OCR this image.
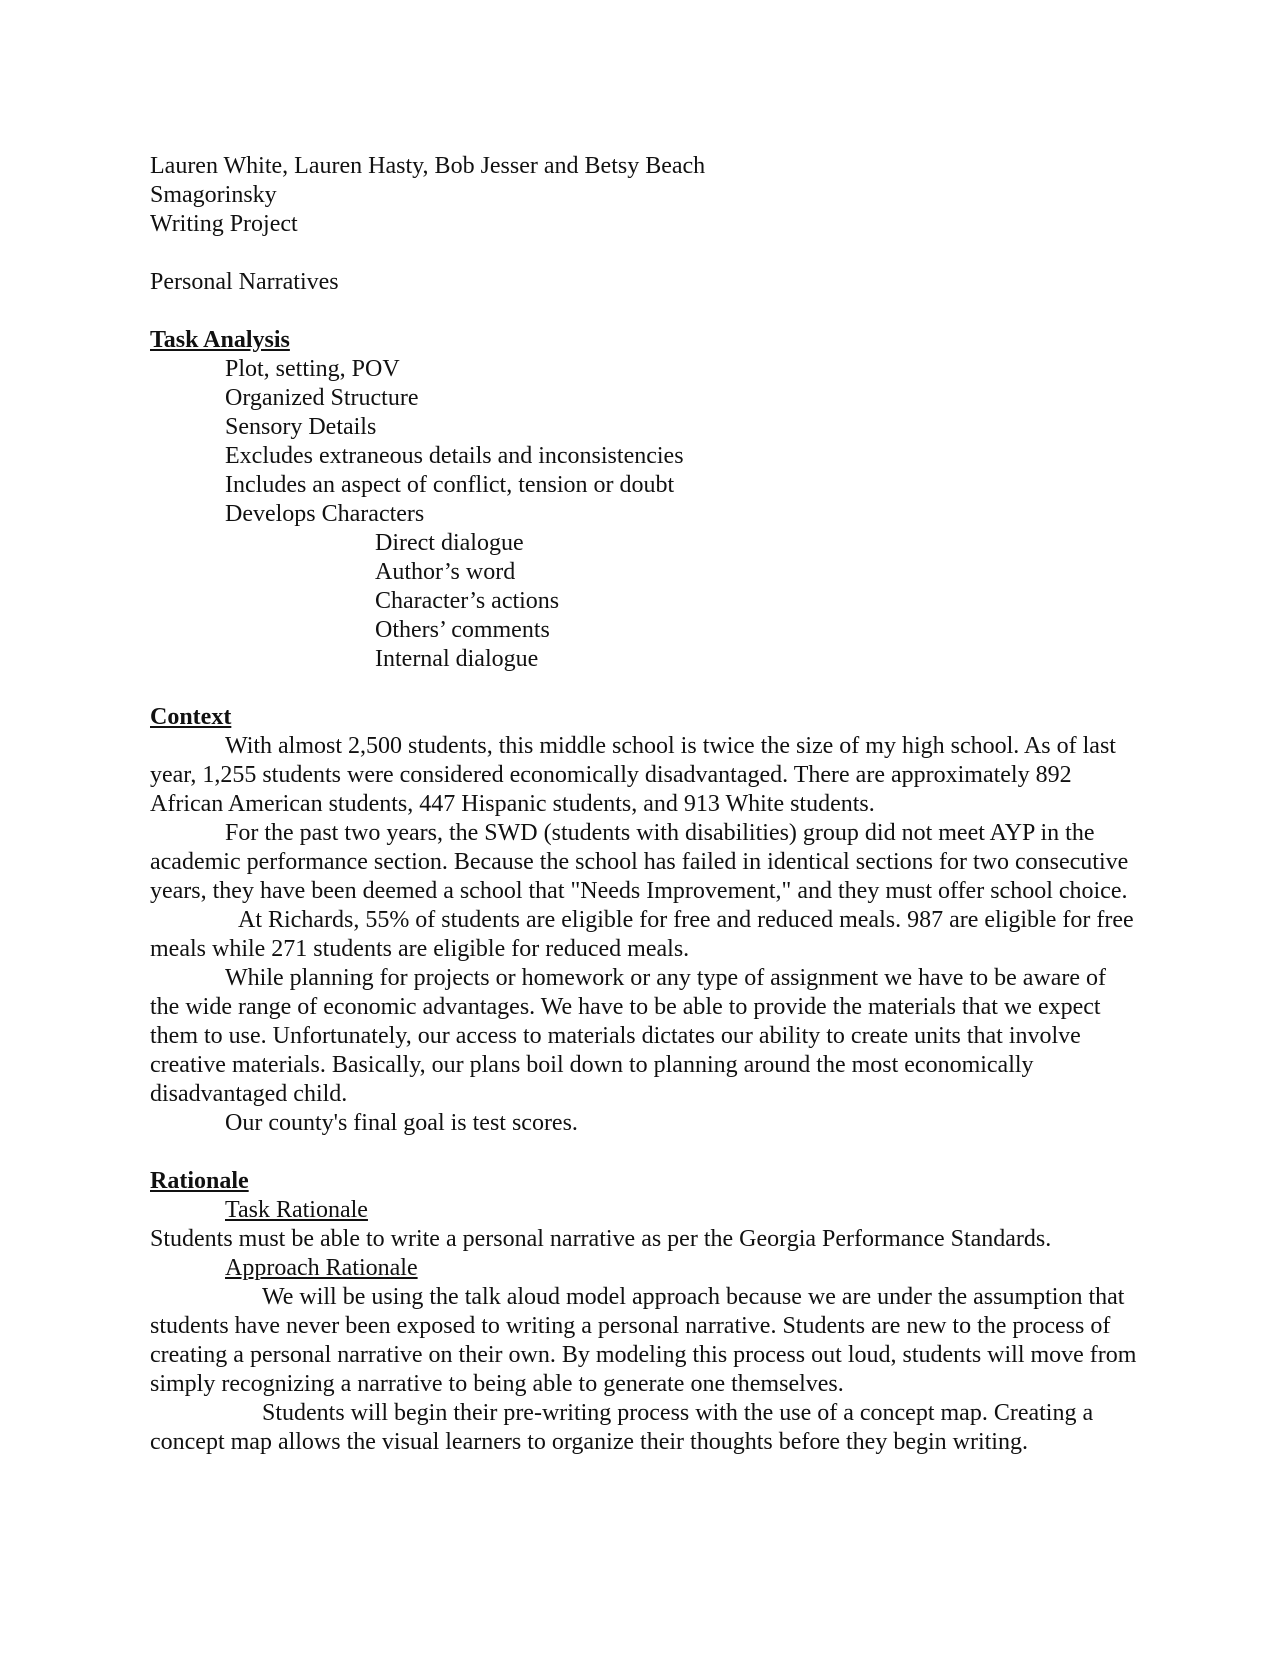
Lauren White, Lauren Hasty, Bob Jesser and Betsy Beach
Smagorinsky
Writing Project
Personal Narratives
Task Analysis
Plot, setting, POV
Organized Structure
Sensory Details
Excludes extraneous details and inconsistencies
Includes an aspect of conflict, tension or doubt
Develops Characters
Direct dialogue
Author’s word
Character’s actions
Others’ comments
Internal dialogue
Context
With almost 2,500 students, this middle school is twice the size of my high school. As of last year, 1,255 students were considered economically disadvantaged. There are approximately 892 African American students, 447 Hispanic students, and 913 White students.
For the past two years, the SWD (students with disabilities) group did not meet AYP in the academic performance section. Because the school has failed in identical sections for two consecutive years, they have been deemed a school that "Needs Improvement," and they must offer school choice.
At Richards, 55% of students are eligible for free and reduced meals. 987 are eligible for free meals while 271 students are eligible for reduced meals.
While planning for projects or homework or any type of assignment we have to be aware of the wide range of economic advantages. We have to be able to provide the materials that we expect them to use. Unfortunately, our access to materials dictates our ability to create units that involve creative materials. Basically, our plans boil down to planning around the most economically disadvantaged child.
Our county's final goal is test scores.
Rationale
Task Rationale
Students must be able to write a personal narrative as per the Georgia Performance Standards.
Approach Rationale
We will be using the talk aloud model approach because we are under the assumption that students have never been exposed to writing a personal narrative. Students are new to the process of creating a personal narrative on their own. By modeling this process out loud, students will move from simply recognizing a narrative to being able to generate one themselves.
Students will begin their pre-writing process with the use of a concept map. Creating a concept map allows the visual learners to organize their thoughts before they begin writing.
